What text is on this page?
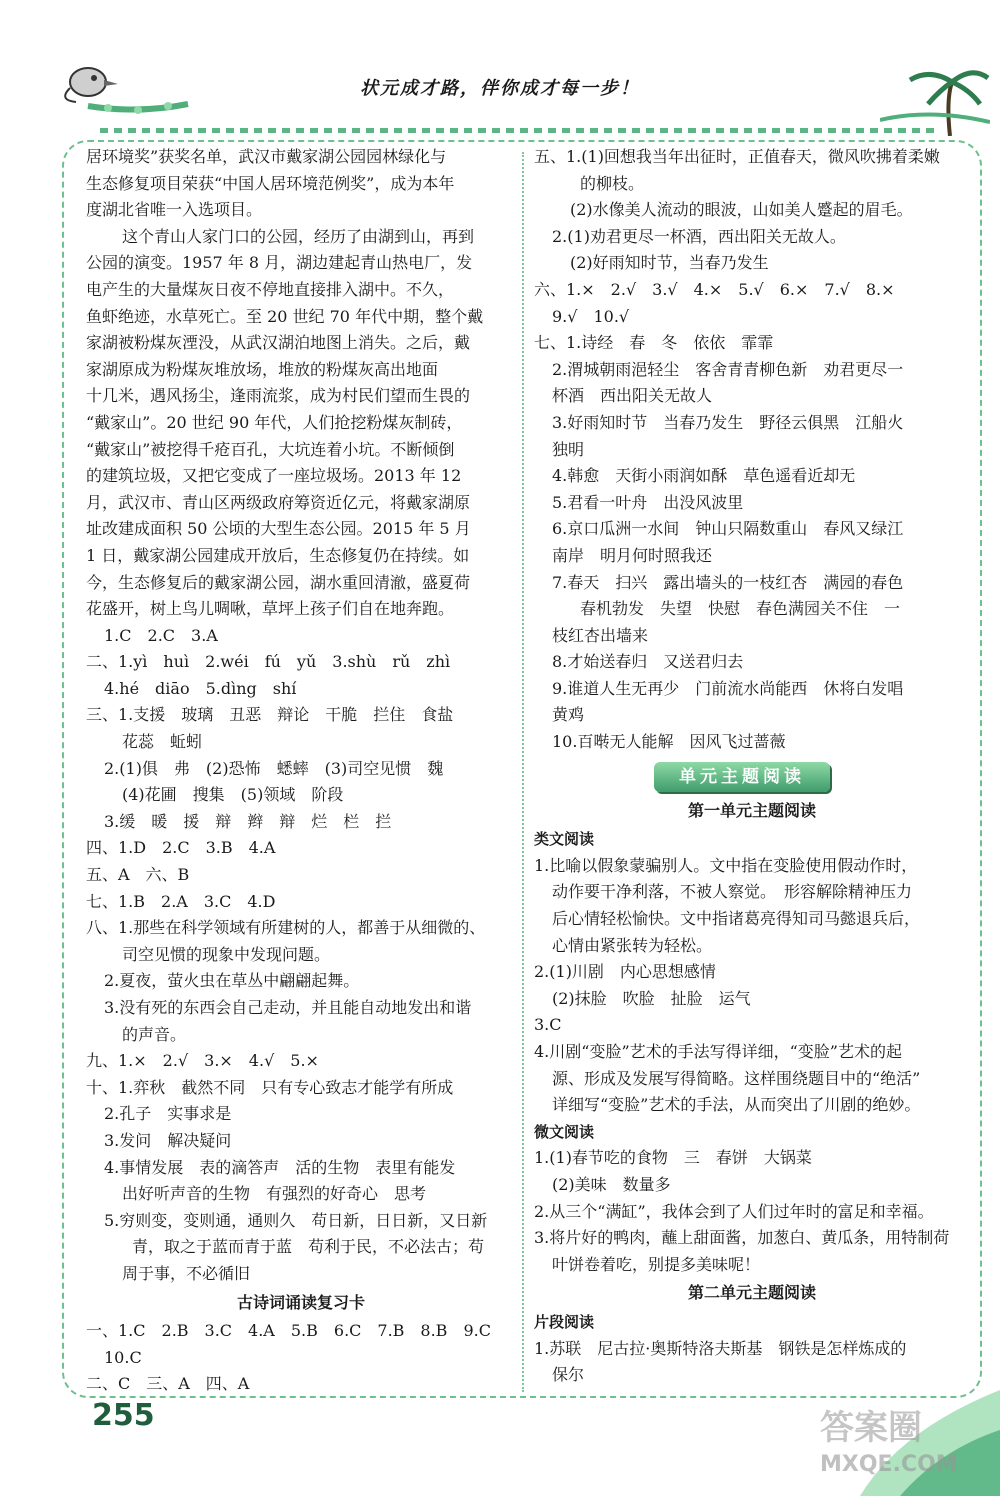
状元成才路，伴你成才每一步！
居环境奖”获奖名单，武汉市戴家湖公园园林绿化与
生态修复项目荣获“中国人居环境范例奖”，成为本年
度湖北省唯一入选项目。
这个青山人家门口的公园，经历了由湖到山，再到
公园的演变。1957 年 8 月，湖边建起青山热电厂，发
电产生的大量煤灰日夜不停地直接排入湖中。不久，
鱼虾绝迹，水草死亡。至 20 世纪 70 年代中期，整个戴
家湖被粉煤灰湮没，从武汉湖泊地图上消失。之后，戴
家湖原成为粉煤灰堆放场，堆放的粉煤灰高出地面
十几米，遇风扬尘，逢雨流浆，成为村民们望而生畏的
“戴家山”。20 世纪 90 年代，人们抢挖粉煤灰制砖，
“戴家山”被挖得千疮百孔，大坑连着小坑。不断倾倒
的建筑垃圾，又把它变成了一座垃圾场。2013 年 12
月，武汉市、青山区两级政府筹资近亿元，将戴家湖原
址改建成面积 50 公顷的大型生态公园。2015 年 5 月
1 日，戴家湖公园建成开放后，生态修复仍在持续。如
今，生态修复后的戴家湖公园，湖水重回清澈，盛夏荷
花盛开，树上鸟儿啁啾，草坪上孩子们自在地奔跑。
1.C　2.C　3.A
二、1.yì　huì　2.wéi　fú　yǔ　3.shù　rǔ　zhì
4.hé　diāo　5.dìng　shí
三、1.支援　玻璃　丑恶　辩论　干脆　拦住　食盐
花蕊　蚯蚓
2.(1)俱　弗　(2)恐怖　蟋蟀　(3)司空见惯　魏
(4)花圃　搜集　(5)领域　阶段
3.缓　暖　援　辩　辫　辩　烂　栏　拦
四、1.D　2.C　3.B　4.A
五、A　六、B
七、1.B　2.A　3.C　4.D
八、1.那些在科学领域有所建树的人，都善于从细微的、
司空见惯的现象中发现问题。
2.夏夜，萤火虫在草丛中翩翩起舞。
3.没有死的东西会自己走动，并且能自动地发出和谐
的声音。
九、1.×　2.√　3.×　4.√　5.×
十、1.弈秋　截然不同　只有专心致志才能学有所成
2.孔子　实事求是
3.发问　解决疑问
4.事情发展　表的滴答声　活的生物　表里有能发
出好听声音的生物　有强烈的好奇心　思考
5.穷则变，变则通，通则久　苟日新，日日新，又日新
青，取之于蓝而青于蓝　苟利于民，不必法古；苟
周于事，不必循旧
古诗词诵读复习卡
一、1.C　2.B　3.C　4.A　5.B　6.C　7.B　8.B　9.C
10.C
二、C　三、A　四、A
五、1.(1)回想我当年出征时，正值春天，微风吹拂着柔嫩
的柳枝。
(2)水像美人流动的眼波，山如美人蹙起的眉毛。
2.(1)劝君更尽一杯酒，西出阳关无故人。
(2)好雨知时节，当春乃发生
六、1.×　2.√　3.√　4.×　5.√　6.×　7.√　8.×
9.√　10.√
七、1.诗经　春　冬　依依　霏霏
2.渭城朝雨浥轻尘　客舍青青柳色新　劝君更尽一
杯酒　西出阳关无故人
3.好雨知时节　当春乃发生　野径云俱黑　江船火
独明
4.韩愈　天街小雨润如酥　草色遥看近却无
5.君看一叶舟　出没风波里
6.京口瓜洲一水间　钟山只隔数重山　春风又绿江
南岸　明月何时照我还
7.春天　扫兴　露出墙头的一枝红杏　满园的春色
春机勃发　失望　快慰　春色满园关不住　一
枝红杏出墙来
8.才始送春归　又送君归去
9.谁道人生无再少　门前流水尚能西　休将白发唱
黄鸡
10.百啭无人能解　因风飞过蔷薇
单元主题阅读
第一单元主题阅读
类文阅读
1.比喻以假象蒙骗别人。文中指在变脸使用假动作时，
动作要干净利落，不被人察觉。　形容解除精神压力
后心情轻松愉快。文中指诸葛亮得知司马懿退兵后，
心情由紧张转为轻松。
2.(1)川剧　内心思想感情
(2)抹脸　吹脸　扯脸　运气
3.C
4.川剧“变脸”艺术的手法写得详细，“变脸”艺术的起
源、形成及发展写得简略。这样围绕题目中的“绝活”
详细写“变脸”艺术的手法，从而突出了川剧的绝妙。
微文阅读
1.(1)春节吃的食物　三　春饼　大锅菜
(2)美味　数量多
2.从三个“满缸”，我体会到了人们过年时的富足和幸福。
3.将片好的鸭肉，蘸上甜面酱，加葱白、黄瓜条，用特制荷
叶饼卷着吃，别提多美味呢！
第二单元主题阅读
片段阅读
1.苏联　尼古拉·奥斯特洛夫斯基　钢铁是怎样炼成的
保尔
255	答案圈
MXQE.COM
